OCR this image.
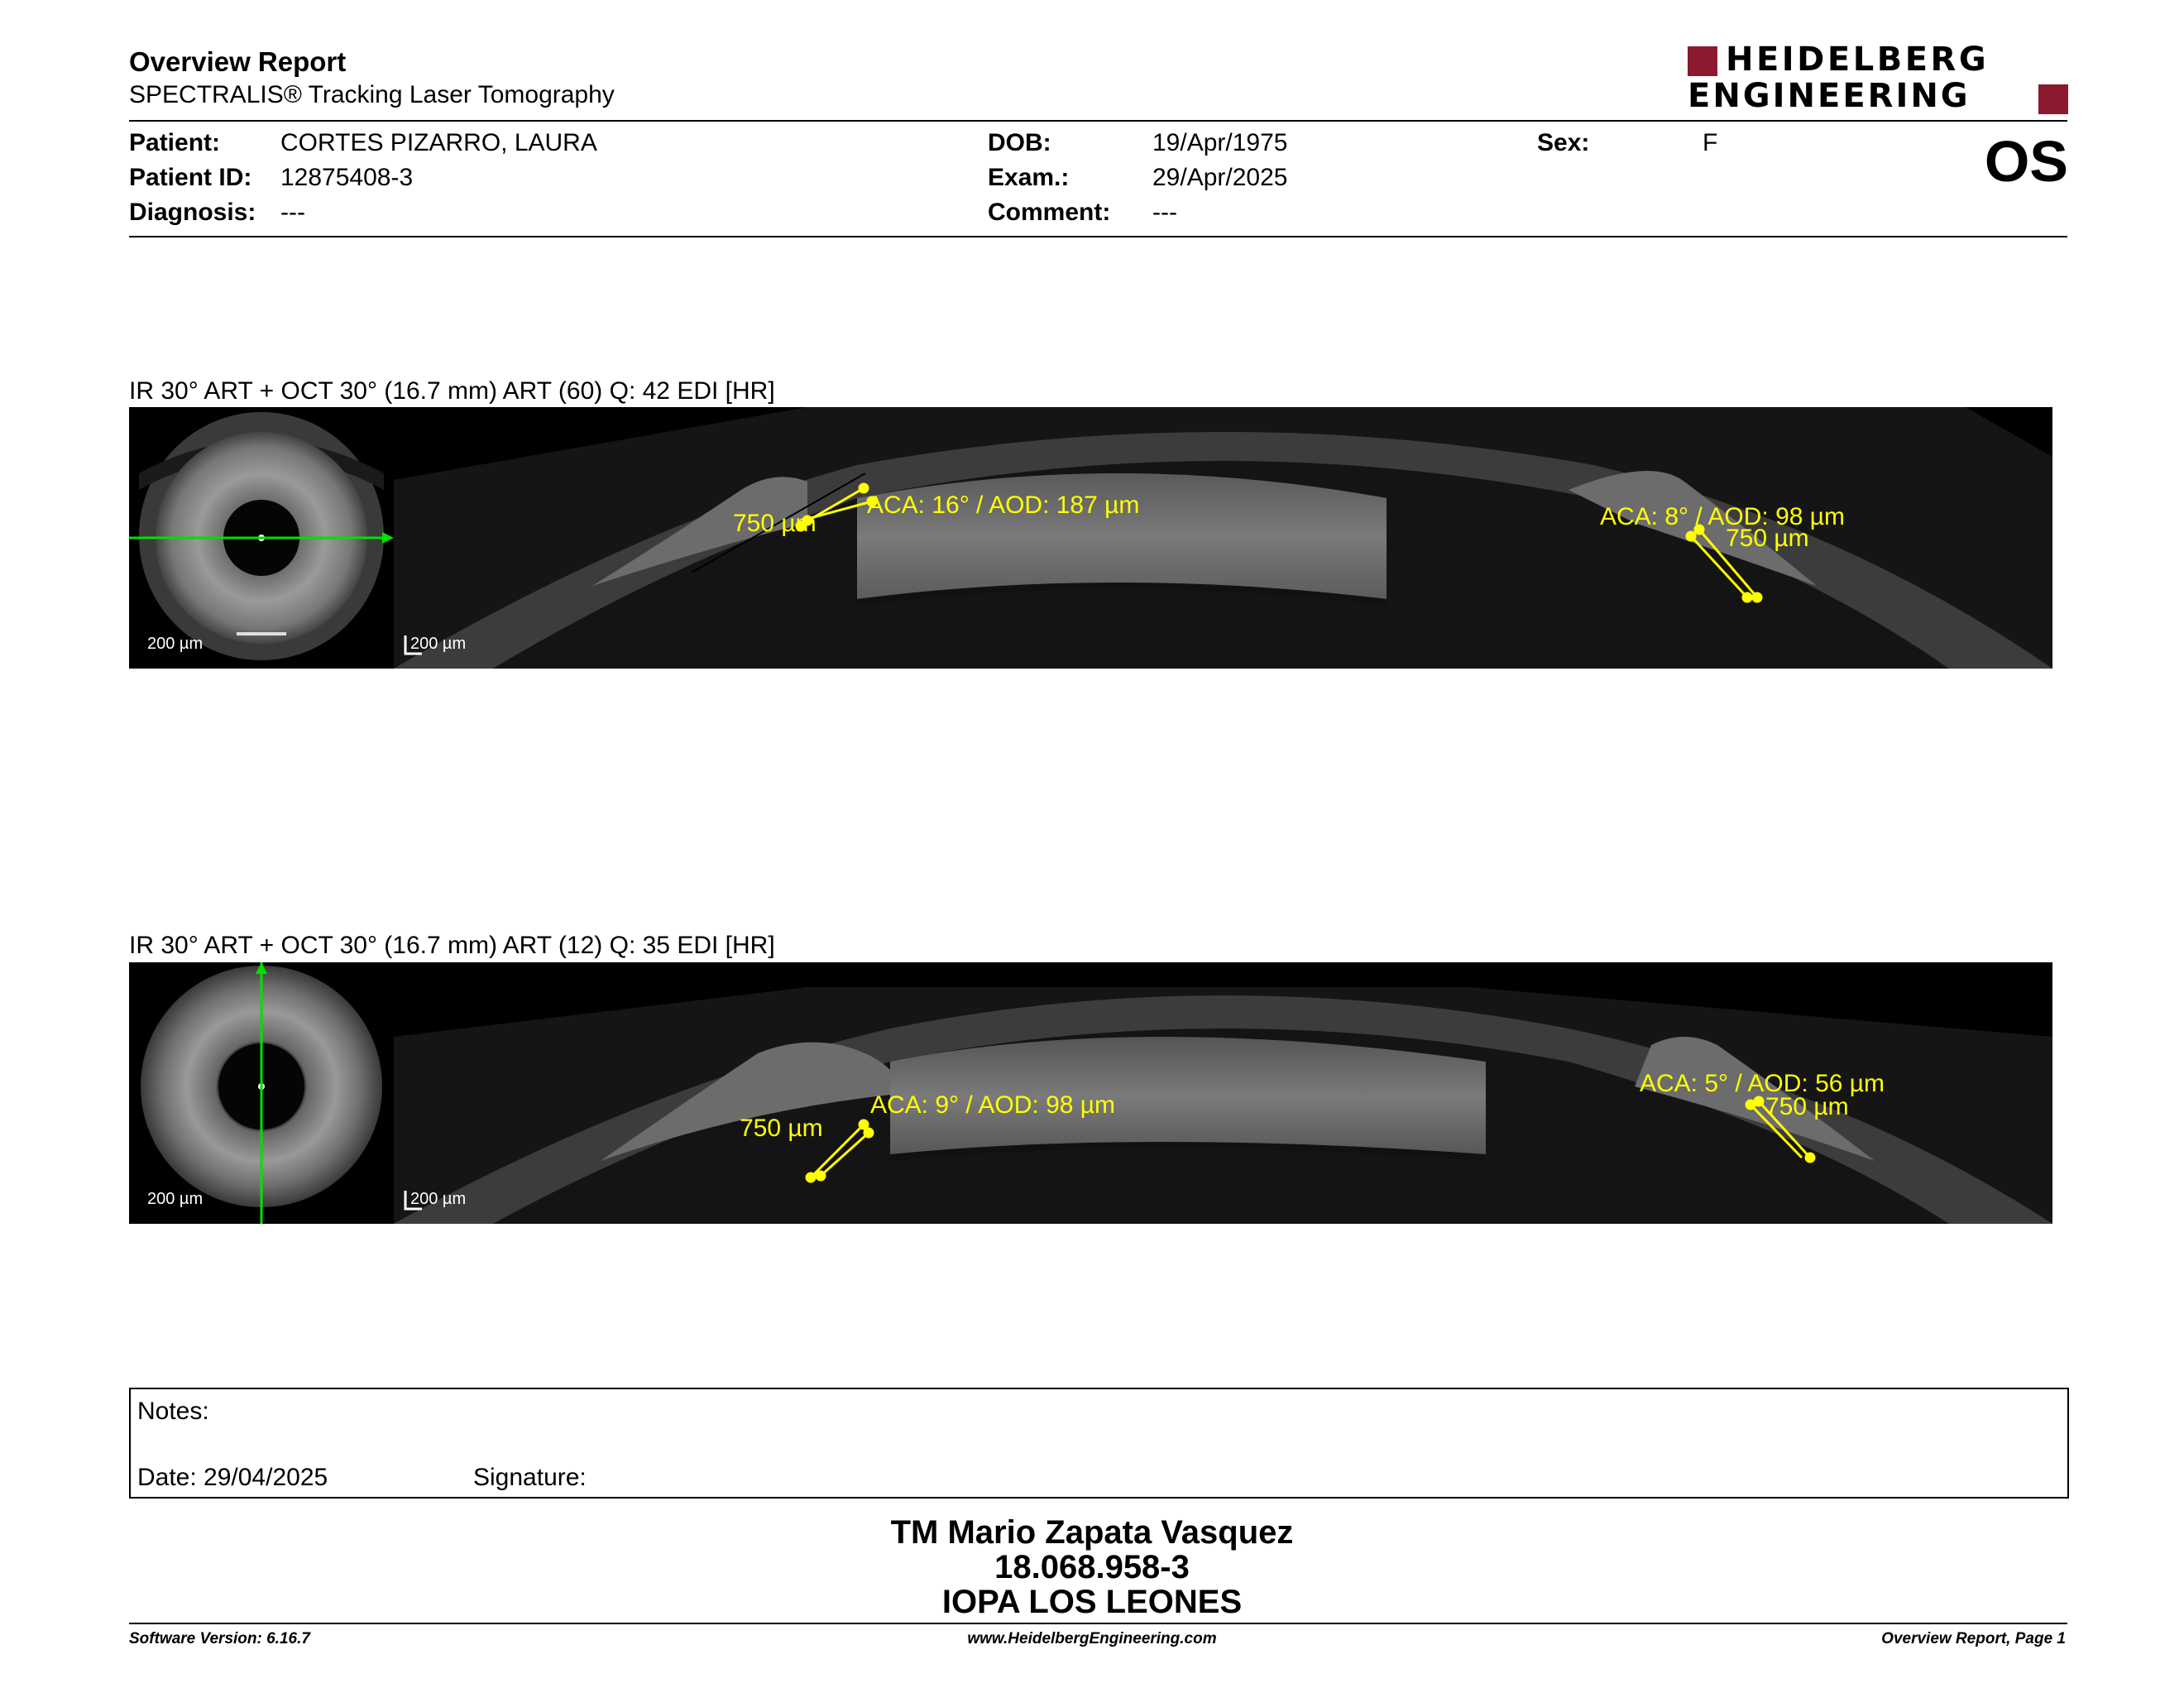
Overview Report
SPECTRALIS® Tracking Laser Tomography
HEIDELBERG
ENGINEERING
Patient: CORTES PIZARRO, LAURA
Patient ID: 12875408-3
Diagnosis: ---
DOB:	19/Apr/1975
Exam.:	29/Apr/2025
Comment: ---
Sex:	F	OS
IR 30° ART + OCT 30° (16.7 mm) ART (60) Q: 42 EDI [HR]
200 µm
750 µm
ACA: 16° / AOD: 187 µm	ACA: 8° / AOD: 98 µm
750 µm
200 µm
IR 30° ART + OCT 30° (16.7 mm) ART (12) Q: 35 EDI [HR]
200 µm
750 µm
ACA: 9° / AOD: 98 µm
ACA: 5° / AOD: 56 µm
750 µm
200 µm
Notes:
Date: 29/04/2025	Signature:
TM Mario Zapata Vasquez
18.068.958-3
IOPA LOS LEONES
Software Version: 6.16.7	www.HeidelbergEngineering.com	Overview Report, Page 1
